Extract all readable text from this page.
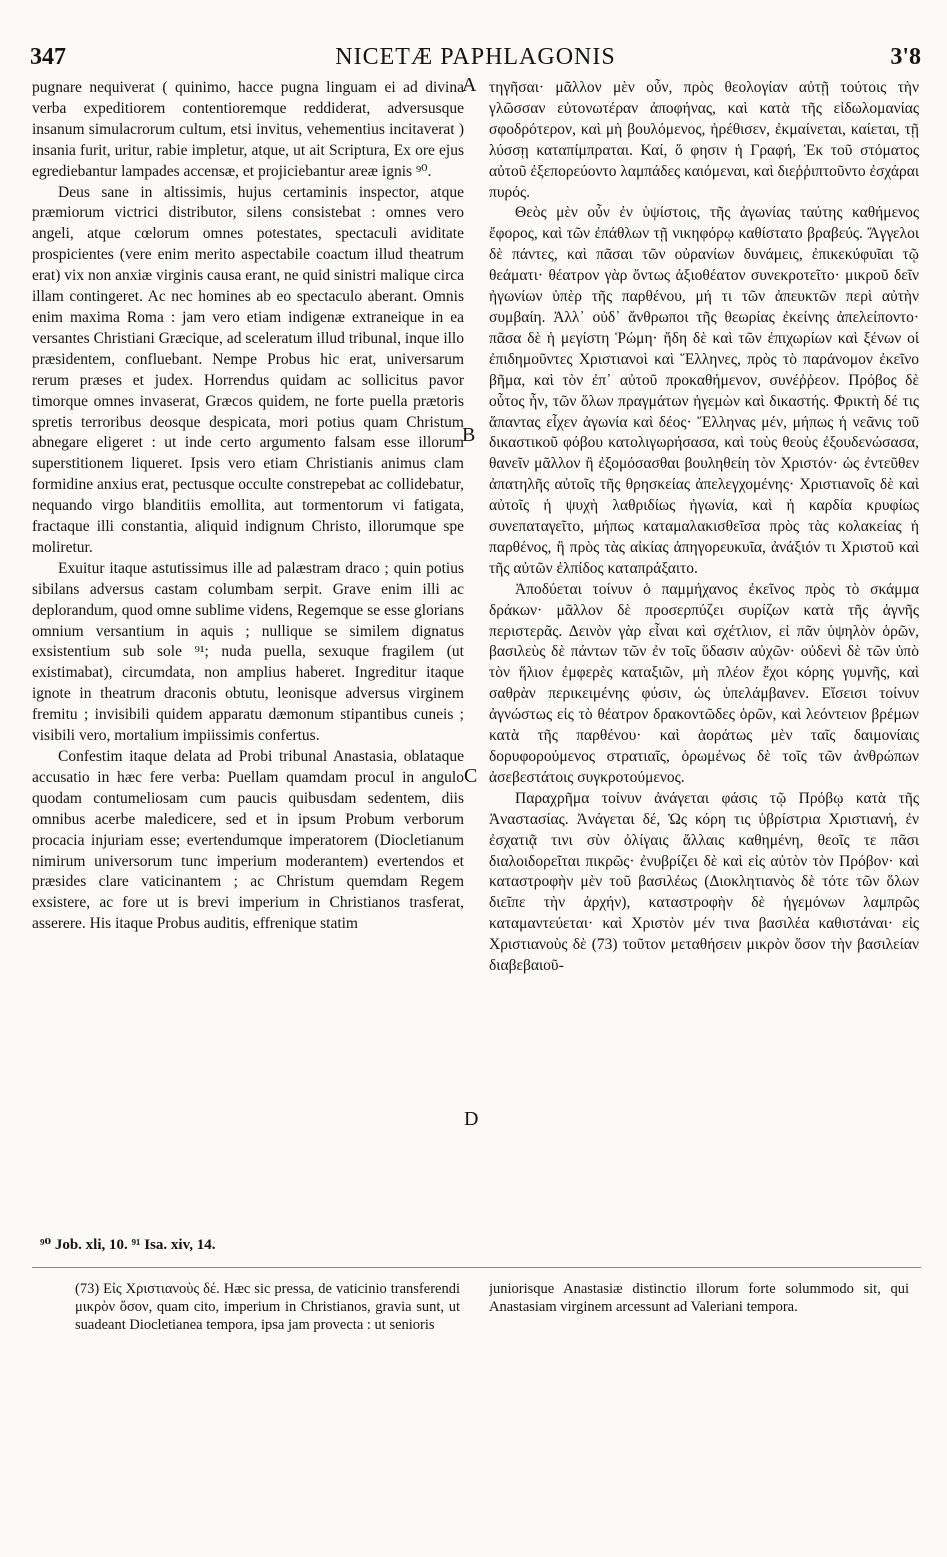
347	NICETÆ PAPHLAGONIS	3'8

pugnare nequiverat ( quinimo, hacce pugna linguam ei ad divina verba expeditiorem contentioremque reddiderat, adversusque insanum simulacrorum cultum, etsi invitus, vehementius incitaverat ) insania furit, uritur, rabie impletur, atque, ut ait Scriptura, Ex ore ejus egrediebantur lampades accensæ, et projiciebantur areæ ignis ⁹⁰.

Deus sane in altissimis, hujus certaminis inspector, atque præmiorum victrici distributor, silens consistebat : omnes vero angeli, atque cœlorum omnes potestates, spectaculi aviditate prospicientes (vere enim merito aspectabile coactum illud theatrum erat) vix non anxiæ virginis causa erant, ne quid sinistri malique circa illam contingeret. Ac nec homines ab eo spectaculo aberant. Omnis enim maxima Roma : jam vero etiam indigenæ extraneique in ea versantes Christiani Græcique, ad sceleratum illud tribunal, inque illo præsidentem, confluebant. Nempe Probus hic erat, universarum rerum præses et judex. Horrendus quidam ac sollicitus pavor timorque omnes invaserat, Græcos quidem, ne forte puella prætoris spretis terroribus deosque despicata, mori potius quam Christum abnegare eligeret : ut inde certo argumento falsam esse illorum superstitionem liqueret. Ipsis vero etiam Christianis animus clam formidine anxius erat, pectusque occulte constrepebat ac collidebatur, nequando virgo blanditiis emollita, aut tormentorum vi fatigata, fractaque illi constantia, aliquid indignum Christo, illorumque spe moliretur.

Exuitur itaque astutissimus ille ad palæstram draco ; quin potius sibilans adversus castam columbam serpit. Grave enim illi ac deplorandum, quod omne sublime videns, Regemque se esse glorians omnium versantium in aquis ; nullique se similem dignatus exsistentium sub sole ⁹¹; nuda puella, sexuque fragilem (ut existimabat), circumdata, non amplius haberet. Ingreditur itaque ignote in theatrum draconis obtutu, leonisque adversus virginem fremitu ; invisibili quidem apparatu dæmonum stipantibus cuneis ; visibili vero, mortalium impiissimis confertus.

Confestim itaque delata ad Probi tribunal Anastasia, oblataque accusatio in hæc fere verba: Puellam quamdam procul in angulo quodam contumeliosam cum paucis quibusdam sedentem, diis omnibus acerbe maledicere, sed et in ipsum Probum verborum procacia injuriam esse; evertendumque imperatorem (Diocletianum nimirum universorum tunc imperium moderantem) evertendos et præsides clare vaticinantem ; ac Christum quemdam Regem exsistere, ac fore ut is brevi imperium in Christianos trasferat, asserere. His itaque Probus auditis, effrenique statim

A
B
C
D

τηγῆσαι· μᾶλλον μὲν οὖν, πρὸς θεολογίαν αὐτῇ τούτοις τὴν γλῶσσαν εὐτονωτέραν ἀποφήνας, καὶ κατὰ τῆς εἰδωλομανίας σφοδρότερον, καὶ μὴ βουλόμενος, ἠρέθισεν, ἐκμαίνεται, καίεται, τῇ λύσσῃ καταπίμπραται. Καί, ὅ φησιν ἡ Γραφή, Ἐκ τοῦ στόματος αὐτοῦ ἐξεπορεύοντο λαμπάδες καιόμεναι, καὶ διεῤῥιπτοῦντο ἐσχάραι πυρός.

Θεὸς μὲν οὖν ἐν ὑψίστοις, τῆς ἀγωνίας ταύτης καθήμενος ἔφορος, καὶ τῶν ἐπάθλων τῇ νικηφόρῳ καθίστατο βραβεύς. Ἄγγελοι δὲ πάντες, καὶ πᾶσαι τῶν οὐρανίων δυνάμεις, ἐπικεκύφυῖαι τῷ θεάματι· θέατρον γὰρ ὄντως ἀξιοθέατον συνεκροτεῖτο· μικροῦ δεῖν ἠγωνίων ὑπὲρ τῆς παρθένου, μή τι τῶν ἀπευκτῶν περὶ αὐτὴν συμβαίη. Ἀλλ᾽ οὐδ᾽ ἄνθρωποι τῆς θεωρίας ἐκείνης ἀπελείποντο· πᾶσα δὲ ἡ μεγίστη Ῥώμη· ἤδη δὲ καὶ τῶν ἐπιχωρίων καὶ ξένων οἱ ἐπιδημοῦντες Χριστιανοὶ καὶ Ἕλληνες, πρὸς τὸ παράνομον ἐκεῖνο βῆμα, καὶ τὸν ἐπ᾽ αὐτοῦ προκαθήμενον, συνέῤῥεον. Πρόβος δὲ οὗτος ἦν, τῶν ὅλων πραγμάτων ἡγεμὼν καὶ δικαστής. Φρικτὴ δέ τις ἅπαντας εἶχεν ἀγωνία καὶ δέος· Ἕλληνας μέν, μήπως ἡ νεᾶνις τοῦ δικαστικοῦ φόβου κατολιγωρήσασα, καὶ τοὺς θεοὺς ἐξουδενώσασα, θανεῖν μᾶλλον ἢ ἐξομόσασθαι βουληθείη τὸν Χριστόν· ὡς ἐντεῦθεν ἀπατηλῆς αὐτοῖς τῆς θρησκείας ἀπελεγχομένης· Χριστιανοῖς δὲ καὶ αὐτοῖς ἡ ψυχὴ λαθριδίως ἠγωνία, καὶ ἡ καρδία κρυφίως συνεπαταγεῖτο, μήπως καταμαλακισθεῖσα πρὸς τὰς κολακείας ἡ παρθένος, ἢ πρὸς τὰς αἰκίας ἀπηγορευκυῖα, ἀνάξιόν τι Χριστοῦ καὶ τῆς αὐτῶν ἐλπίδος καταπράξαιτο.

Ἀποδύεται τοίνυν ὁ παμμήχανος ἐκεῖνος πρὸς τὸ σκάμμα δράκων· μᾶλλον δὲ προσερπύζει συρίζων κατὰ τῆς ἁγνῆς περιστερᾶς. Δεινὸν γὰρ εἶναι καὶ σχέτλιον, εἰ πᾶν ὑψηλὸν ὁρῶν, βασιλεὺς δὲ πάντων τῶν ἐν τοῖς ὕδασιν αὐχῶν· οὐδενὶ δὲ τῶν ὑπὸ τὸν ἥλιον ἐμφερὲς καταξιῶν, μὴ πλέον ἔχοι κόρης γυμνῆς, καὶ σαθρὰν περικειμένης φύσιν, ὡς ὑπελάμβανεν. Εἴσεισι τοίνυν ἀγνώστως εἰς τὸ θέατρον δρακοντῶδες ὁρῶν, καὶ λεόντειον βρέμων κατὰ τῆς παρθένου· καὶ ἀοράτως μὲν ταῖς δαιμονίαις δορυφορούμενος στρατιαῖς, ὁρωμένως δὲ τοῖς τῶν ἀνθρώπων ἀσεβεστάτοις συγκροτούμενος.

Παραχρῆμα τοίνυν ἀνάγεται φάσις τῷ Πρόβῳ κατὰ τῆς Ἀναστασίας. Ἀνάγεται δέ, Ὡς κόρη τις ὑβρίστρια Χριστιανή, ἐν ἐσχατιᾷ τινι σὺν ὀλίγαις ἄλλαις καθημένη, θεοῖς τε πᾶσι διαλοιδορεῖται πικρῶς· ἐνυβρίζει δὲ καὶ εἰς αὐτὸν τὸν Πρόβον· καὶ καταστροφὴν μὲν τοῦ βασιλέως (Διοκλητιανὸς δὲ τότε τῶν ὅλων διεῖπε τὴν ἀρχήν), καταστροφὴν δὲ ἡγεμόνων λαμπρῶς καταμαντεύεται· καὶ Χριστὸν μέν τινα βασιλέα καθιστάναι· εἰς Χριστιανοὺς δὲ (73) τοῦτον μεταθήσειν μικρὸν ὅσον τὴν βασιλείαν διαβεβαιοῦ-

⁹⁰ Job. xli, 10. ⁹¹ Isa. xiv, 14.
(73) Εἰς Χριστιανοὺς δέ. Hæc sic pressa, de vaticinio transferendi μικρὸν ὅσον, quam cito, imperium in Christianos, gravia sunt, ut suadeant Diocletianea tempora, ipsa jam provecta : ut senioris
juniorisque Anastasiæ distinctio illorum forte solummodo sit, qui Anastasiam virginem arcessunt ad Valeriani tempora.
